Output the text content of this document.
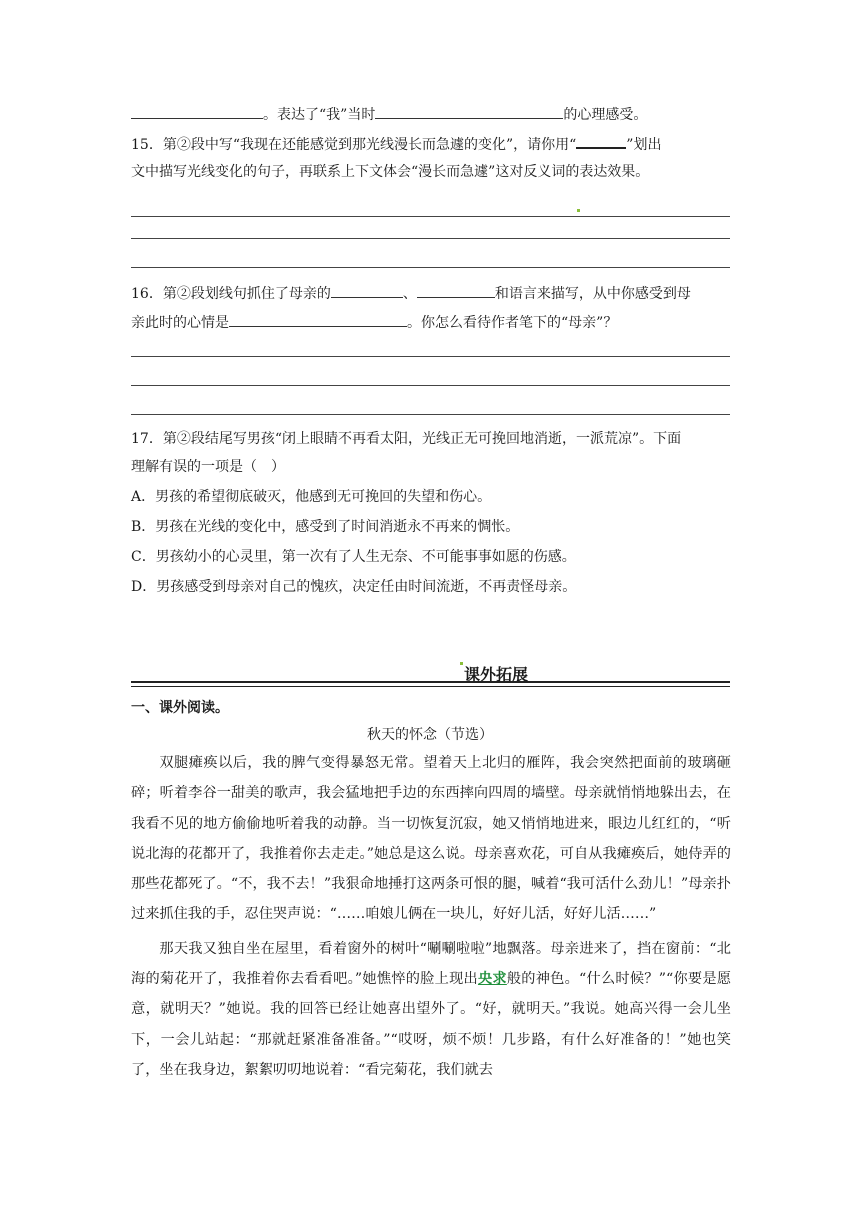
。表达了“我”当时	的心理感受。
15．第②段中写“我现在还能感觉到那光线漫长而急遽的变化”，请你用“	”划出
文中描写光线变化的句子，再联系上下文体会“漫长而急遽”这对反义词的表达效果。
16．第②段划线句抓住了母亲的	、	和语言来描写，从中你感受到母
亲此时的心情是	。你怎么看待作者笔下的“母亲”？
17．第②段结尾写男孩“闭上眼睛不再看太阳，光线正无可挽回地消逝，一派荒凉”。下面
理解有误的一项是（　）
A．男孩的希望彻底破灭，他感到无可挽回的失望和伤心。
B．男孩在光线的变化中，感受到了时间消逝永不再来的惆怅。
C．男孩幼小的心灵里，第一次有了人生无奈、不可能事事如愿的伤感。
D．男孩感受到母亲对自己的愧疚，决定任由时间流逝，不再责怪母亲。
课外拓展
一、课外阅读。
秋天的怀念（节选）

双腿瘫痪以后，我的脾气变得暴怒无常。望着天上北归的雁阵，我会突然把面前的玻璃砸碎；听着李谷一甜美的歌声，我会猛地把手边的东西摔向四周的墙壁。母亲就悄悄地躲出去，在我看不见的地方偷偷地听着我的动静。当一切恢复沉寂，她又悄悄地进来，眼边儿红红的，“听说北海的花都开了，我推着你去走走。”她总是这么说。母亲喜欢花，可自从我瘫痪后，她侍弄的那些花都死了。“不，我不去！”我狠命地捶打这两条可恨的腿，喊着“我可活什么劲儿！”母亲扑过来抓住我的手，忍住哭声说：“……咱娘儿俩在一块儿，好好儿活，好好儿活……”

那天我又独自坐在屋里，看着窗外的树叶“唰唰啦啦”地飘落。母亲进来了，挡在窗前：“北海的菊花开了，我推着你去看看吧。”她憔悴的脸上现出央求般的神色。“什么时候？”“你要是愿意，就明天？”她说。我的回答已经让她喜出望外了。“好，就明天。”我说。她高兴得一会儿坐下，一会儿站起：“那就赶紧准备准备。”“哎呀，烦不烦！几步路，有什么好准备的！”她也笑了，坐在我身边，絮絮叨叨地说着：“看完菊花，我们就去
